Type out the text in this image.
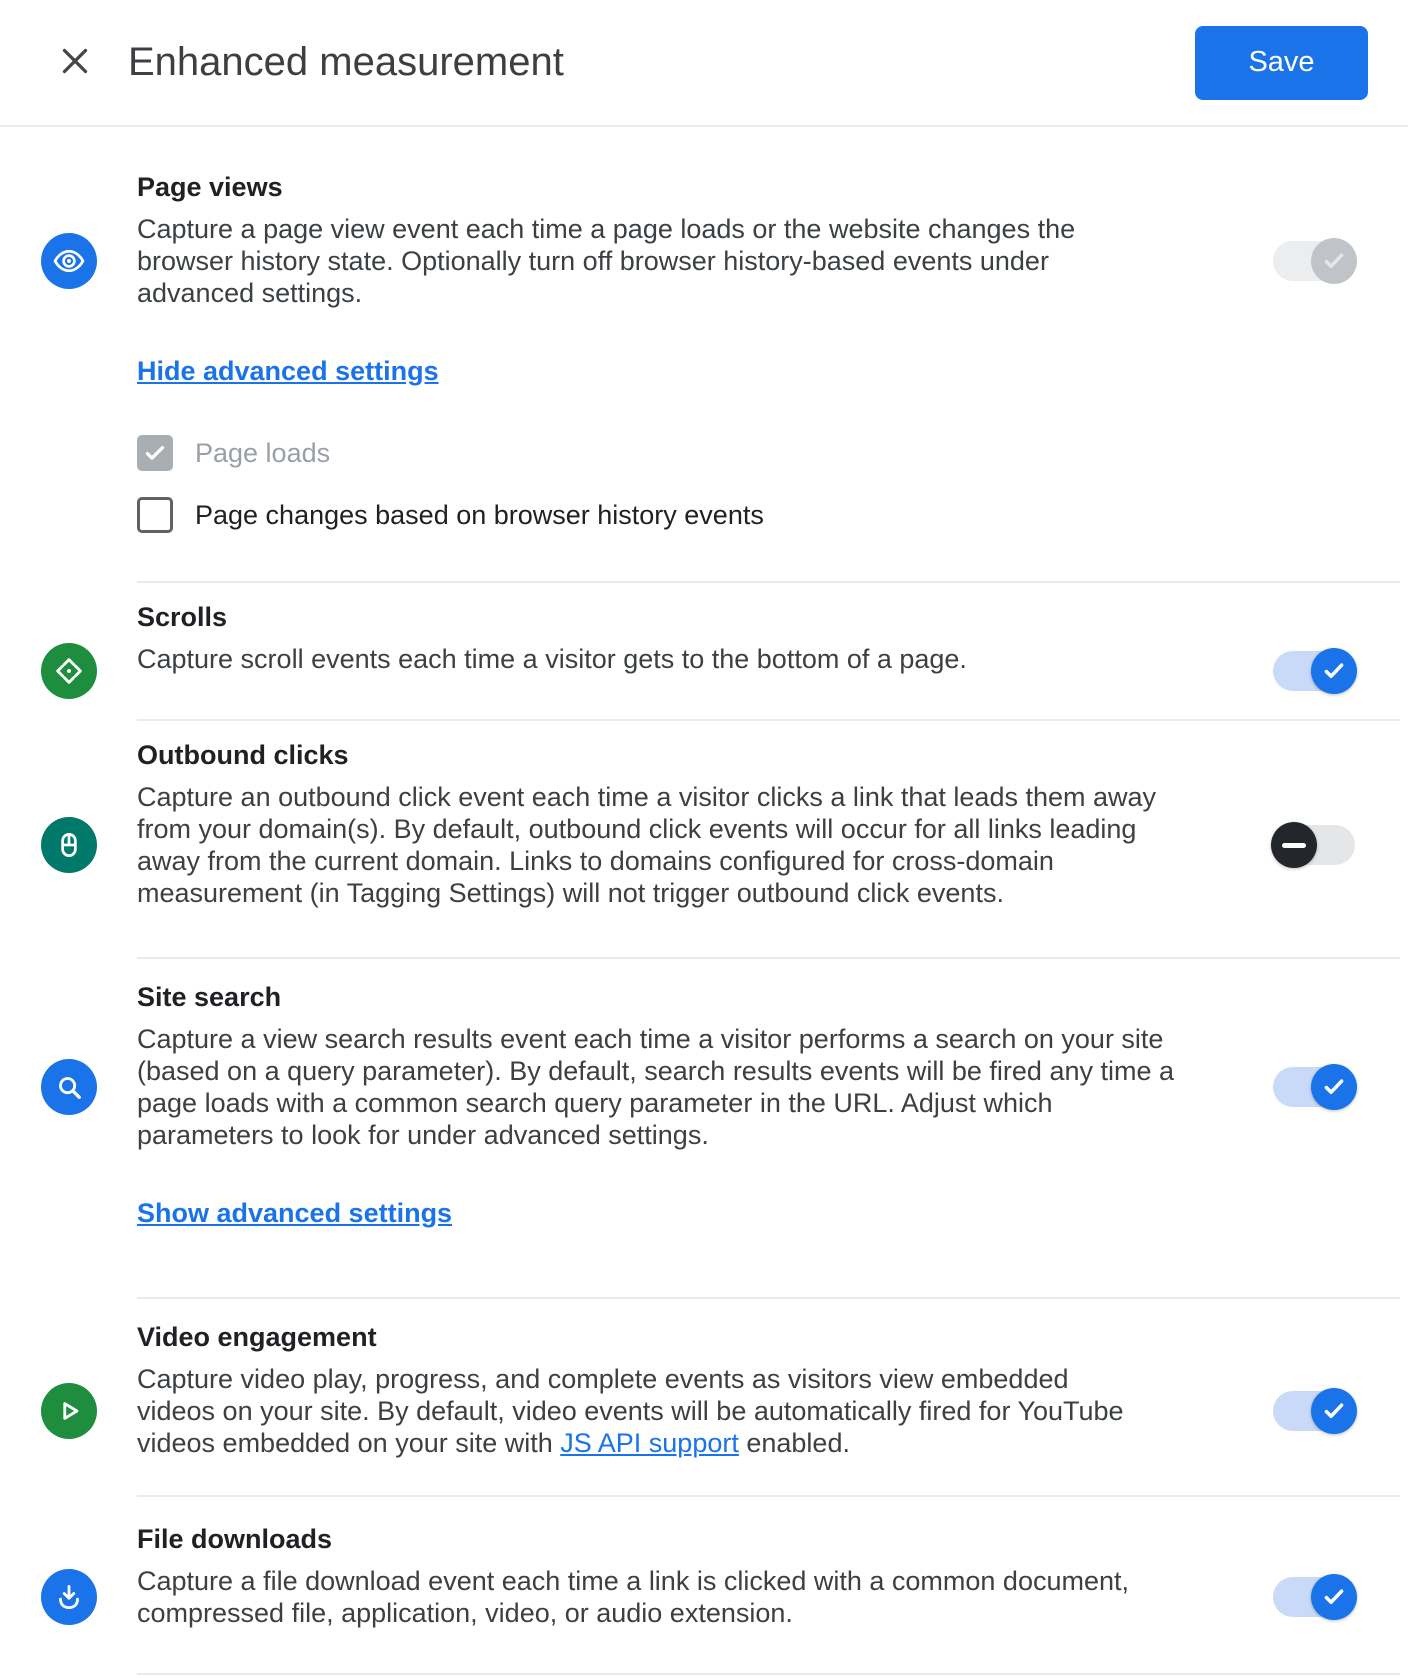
Enhanced measurement	Save
Page views

Capture a page view event each time a page loads or the website changes the browser history state. Optionally turn off browser history-based events under advanced settings.

Hide advanced settings
Page loads
Page changes based on browser history events
Scrolls

Capture scroll events each time a visitor gets to the bottom of a page.

Outbound clicks

Capture an outbound click event each time a visitor clicks a link that leads them away from your domain(s). By default, outbound click events will occur for all links leading away from the current domain. Links to domains configured for cross-domain measurement (in Tagging Settings) will not trigger outbound click events.

Site search

Capture a view search results event each time a visitor performs a search on your site (based on a query parameter). By default, search results events will be fired any time a page loads with a common search query parameter in the URL. Adjust which parameters to look for under advanced settings.

Show advanced settings
Video engagement

Capture video play, progress, and complete events as visitors view embedded videos on your site. By default, video events will be automatically fired for YouTube videos embedded on your site with JS API support enabled.

File downloads

Capture a file download event each time a link is clicked with a common document, compressed file, application, video, or audio extension.
